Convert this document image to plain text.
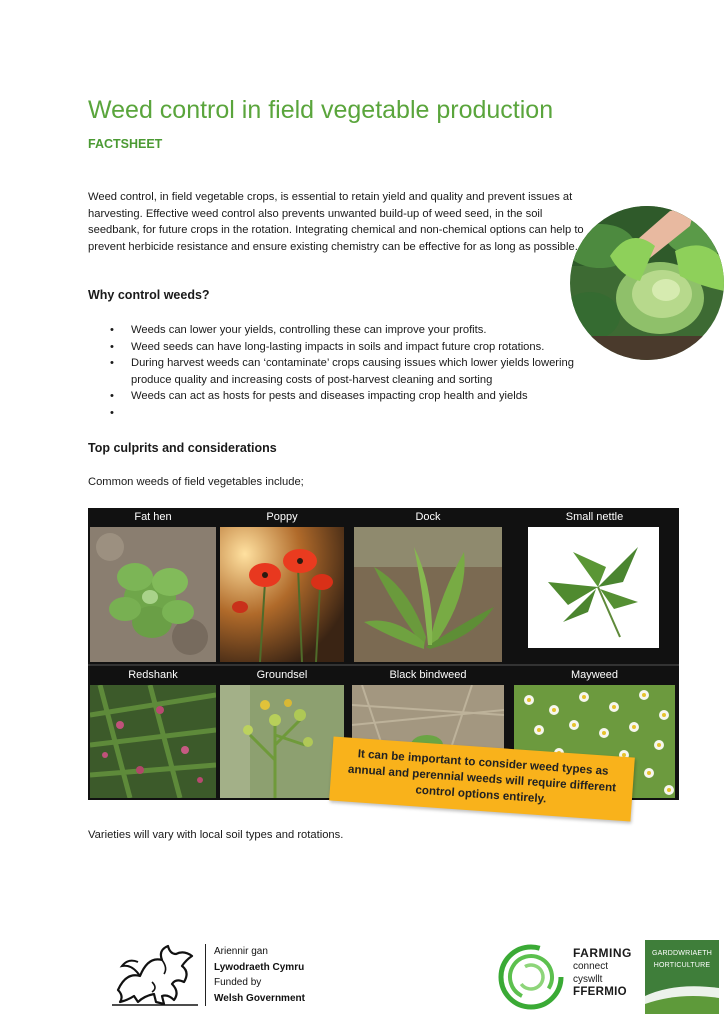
Weed control in field vegetable production
FACTSHEET
Weed control, in field vegetable crops, is essential to retain yield and quality and prevent issues at harvesting. Effective weed control also prevents unwanted build-up of weed seed, in the soil seedbank, for future crops in the rotation. Integrating chemical and non-chemical options can help to prevent herbicide resistance and ensure existing chemistry can be effective for as long as possible.
Why control weeds?
• Weeds can lower your yields, controlling these can improve your profits.
• Weed seeds can have long-lasting impacts in soils and impact future crop rotations.
• During harvest weeds can ‘contaminate’ crops causing issues which lower yields lowering produce quality and increasing costs of post-harvest cleaning and sorting
• Weeds can act as hosts for pests and diseases impacting crop health and yields
•
Top culprits and considerations
Common weeds of field vegetables include;
Fat hen	Poppy	Dock	Small nettle
Redshank	Groundsel	Black bindweed	Mayweed
It can be important to consider weed types as annual and perennial weeds will require different control options entirely.
Varieties will vary with local soil types and rotations.
Ariennir gan
Lywodraeth Cymru
Funded by
Welsh Government
FARMING
connect
cyswllt
FFERMIO
GARDDWRIAETH
HORTICULTURE
